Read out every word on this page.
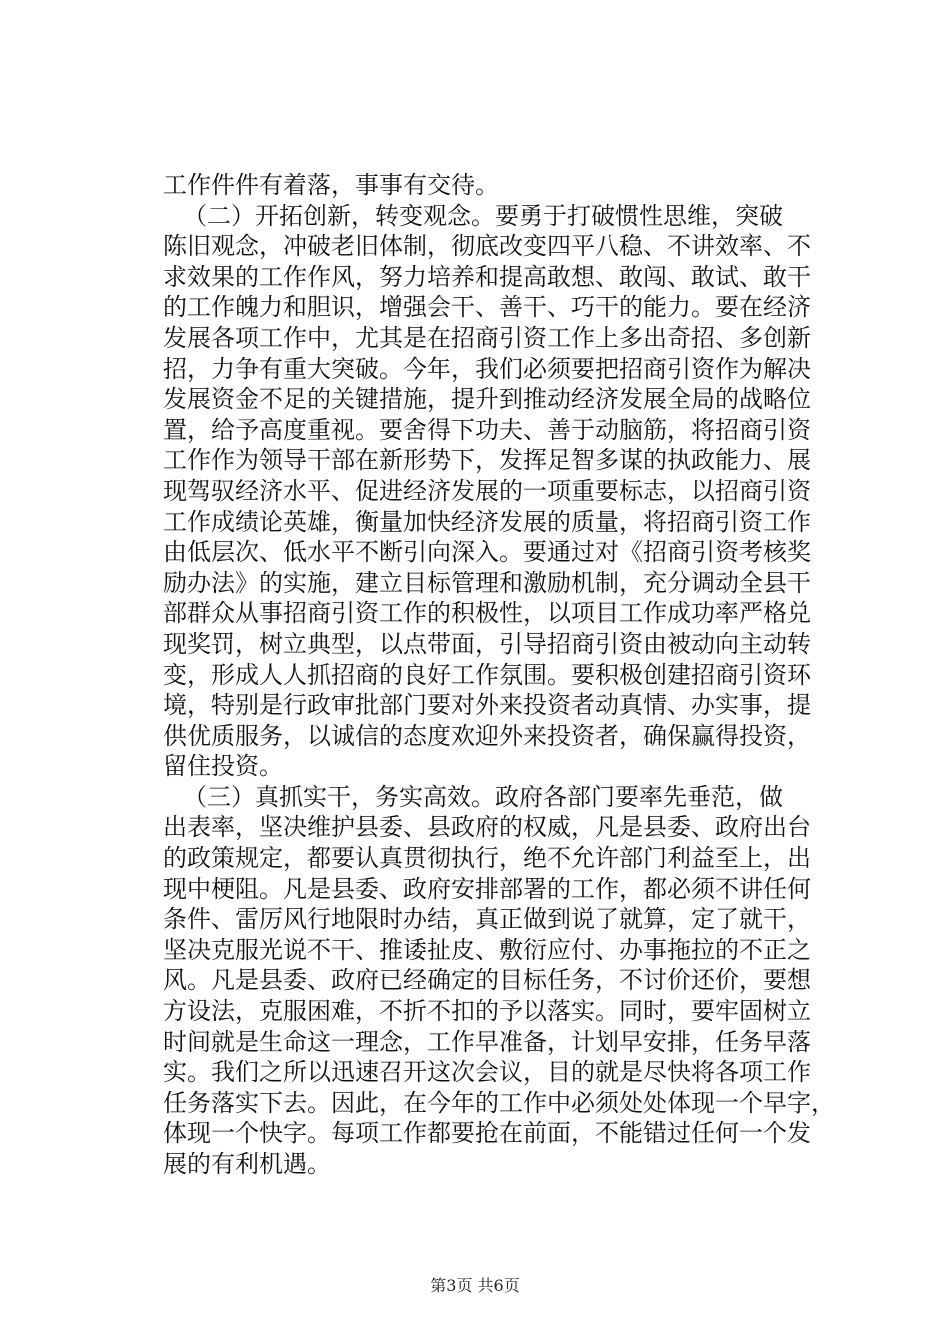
工作件件有着落，事事有交待。
（二）开拓创新，转变观念。要勇于打破惯性思维，突破
陈旧观念，冲破老旧体制，彻底改变四平八稳、不讲效率、不
求效果的工作作风，努力培养和提高敢想、敢闯、敢试、敢干
的工作魄力和胆识，增强会干、善干、巧干的能力。要在经济
发展各项工作中，尤其是在招商引资工作上多出奇招、多创新
招，力争有重大突破。今年，我们必须要把招商引资作为解决
发展资金不足的关键措施，提升到推动经济发展全局的战略位
置，给予高度重视。要舍得下功夫、善于动脑筋，将招商引资
工作作为领导干部在新形势下，发挥足智多谋的执政能力、展
现驾驭经济水平、促进经济发展的一项重要标志，以招商引资
工作成绩论英雄，衡量加快经济发展的质量，将招商引资工作
由低层次、低水平不断引向深入。要通过对《招商引资考核奖
励办法》的实施，建立目标管理和激励机制，充分调动全县干
部群众从事招商引资工作的积极性，以项目工作成功率严格兑
现奖罚，树立典型，以点带面，引导招商引资由被动向主动转
变，形成人人抓招商的良好工作氛围。要积极创建招商引资环
境，特别是行政审批部门要对外来投资者动真情、办实事，提
供优质服务，以诚信的态度欢迎外来投资者，确保赢得投资，
留住投资。
（三）真抓实干，务实高效。政府各部门要率先垂范，做
出表率，坚决维护县委、县政府的权威，凡是县委、政府出台
的政策规定，都要认真贯彻执行，绝不允许部门利益至上，出
现中梗阻。凡是县委、政府安排部署的工作，都必须不讲任何
条件、雷厉风行地限时办结，真正做到说了就算，定了就干，
坚决克服光说不干、推诿扯皮、敷衍应付、办事拖拉的不正之
风。凡是县委、政府已经确定的目标任务，不讨价还价，要想
方设法，克服困难，不折不扣的予以落实。同时，要牢固树立
时间就是生命这一理念，工作早准备，计划早安排，任务早落
实。我们之所以迅速召开这次会议，目的就是尽快将各项工作
任务落实下去。因此，在今年的工作中必须处处体现一个早字，
体现一个快字。每项工作都要抢在前面，不能错过任何一个发
展的有利机遇。
第3页 共6页
